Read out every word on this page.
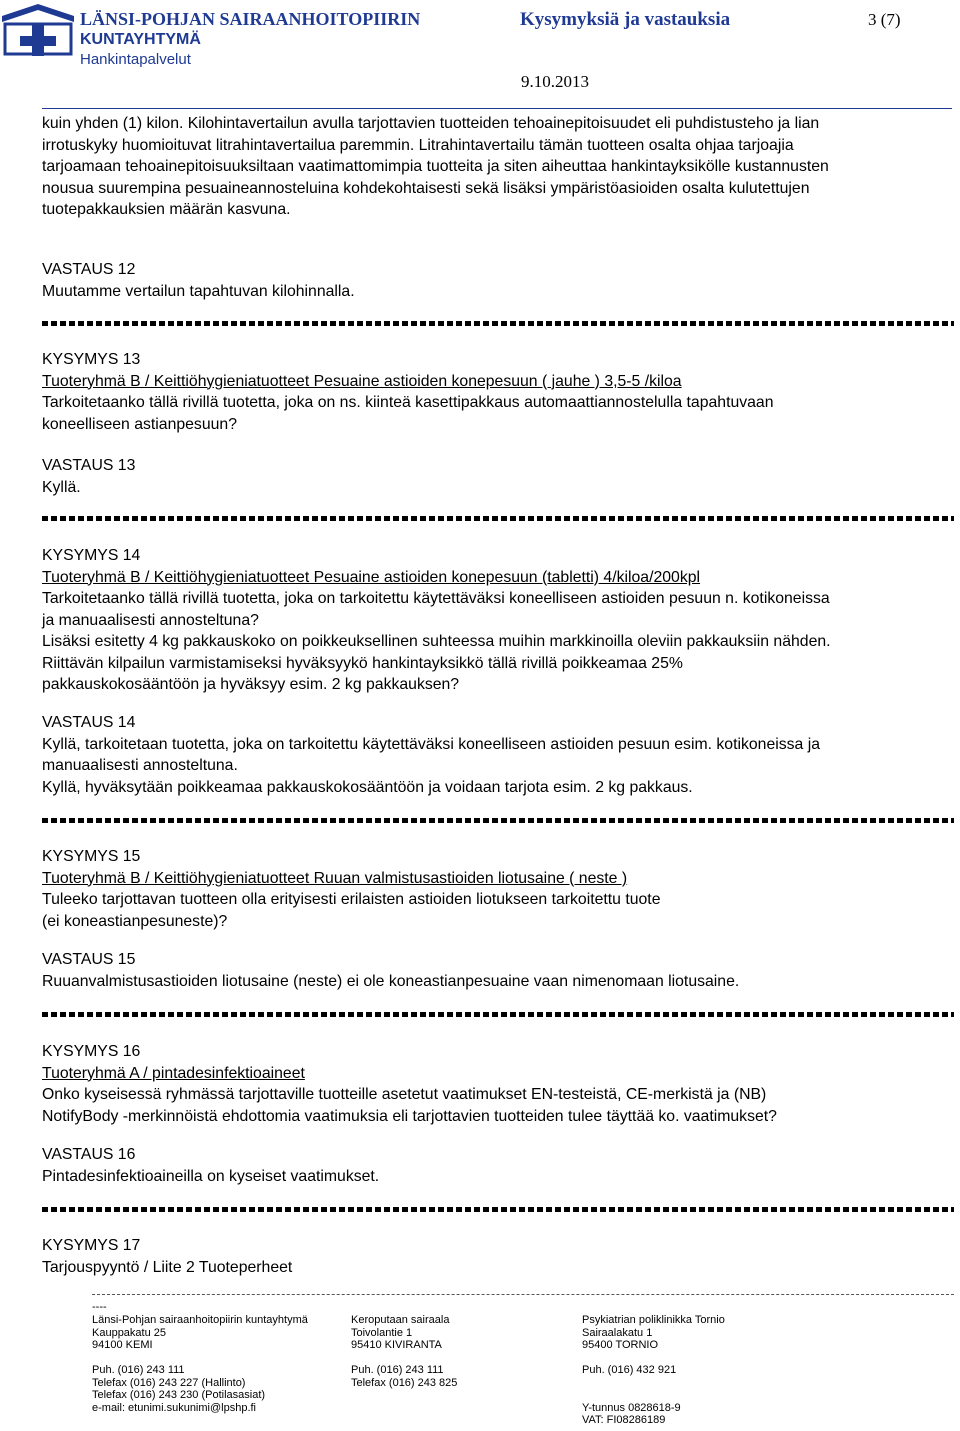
LÄNSI-POHJAN SAIRAANHOITOPIIRIN
KUNTAYHTYMÄ
Hankintapalvelut
Kysymyksiä ja vastauksia	3 (7)
9.10.2013
kuin yhden (1) kilon. Kilohintavertailun avulla tarjottavien tuotteiden tehoainepitoisuudet eli puhdistusteho ja lian
irrotuskyky huomioituvat litrahintavertailua paremmin. Litrahintavertailu tämän tuotteen osalta ohjaa tarjoajia
tarjoamaan tehoainepitoisuuksiltaan vaatimattomimpia tuotteita ja siten aiheuttaa hankintayksikölle kustannusten
nousua suurempina pesuaineannosteluina kohdekohtaisesti sekä lisäksi ympäristöasioiden osalta kulutettujen
tuotepakkauksien määrän kasvuna.
VASTAUS 12
Muutamme vertailun tapahtuvan kilohinnalla.
KYSYMYS 13
Tuoteryhmä B / Keittiöhygieniatuotteet Pesuaine astioiden konepesuun ( jauhe ) 3,5-5 /kiloa
Tarkoitetaanko tällä rivillä tuotetta, joka on ns. kiinteä kasettipakkaus automaattiannostelulla tapahtuvaan
koneelliseen astianpesuun?
VASTAUS 13
Kyllä.
KYSYMYS 14
Tuoteryhmä B / Keittiöhygieniatuotteet Pesuaine astioiden konepesuun (tabletti) 4/kiloa/200kpl
Tarkoitetaanko tällä rivillä tuotetta, joka on tarkoitettu käytettäväksi koneelliseen astioiden pesuun n. kotikoneissa
ja manuaalisesti annosteltuna?
Lisäksi esitetty 4 kg pakkauskoko on poikkeuksellinen suhteessa muihin markkinoilla oleviin pakkauksiin nähden.
Riittävän kilpailun varmistamiseksi hyväksyykö hankintayksikkö tällä rivillä poikkeamaa 25%
pakkauskokosääntöön ja hyväksyy esim. 2 kg pakkauksen?
VASTAUS 14
Kyllä, tarkoitetaan tuotetta, joka on tarkoitettu käytettäväksi koneelliseen astioiden pesuun esim. kotikoneissa ja
manuaalisesti annosteltuna.
Kyllä, hyväksytään poikkeamaa pakkauskokosääntöön ja voidaan tarjota esim. 2 kg pakkaus.
KYSYMYS 15
Tuoteryhmä B / Keittiöhygieniatuotteet Ruuan valmistusastioiden liotusaine ( neste )
Tuleeko tarjottavan tuotteen olla erityisesti erilaisten astioiden liotukseen tarkoitettu tuote
(ei koneastianpesuneste)?
VASTAUS 15
Ruuanvalmistusastioiden liotusaine (neste) ei ole koneastianpesuaine vaan nimenomaan liotusaine.
KYSYMYS 16
Tuoteryhmä A / pintadesinfektioaineet
Onko kyseisessä ryhmässä tarjottaville tuotteille asetetut vaatimukset EN-testeistä, CE-merkistä ja (NB)
NotifyBody -merkinnöistä ehdottomia vaatimuksia eli tarjottavien tuotteiden tulee täyttää ko. vaatimukset?
VASTAUS 16
Pintadesinfektioaineilla on kyseiset vaatimukset.
KYSYMYS 17
Tarjouspyyntö / Liite 2 Tuoteperheet
----
Länsi-Pohjan sairaanhoitopiirin kuntayhtymä
Kauppakatu 25
94100 KEMI
Puh. (016) 243 111
Telefax (016) 243 227 (Hallinto)
Telefax (016) 243 230 (Potilasasiat)
e-mail: etunimi.sukunimi@lpshp.fi
Keroputaan sairaala
Toivolantie 1
95410 KIVIRANTA
Puh. (016) 243 111
Telefax (016) 243 825
Psykiatrian poliklinikka Tornio
Sairaalakatu 1
95400 TORNIO
Puh. (016) 432 921
Y-tunnus 0828618-9
VAT: FI08286189
